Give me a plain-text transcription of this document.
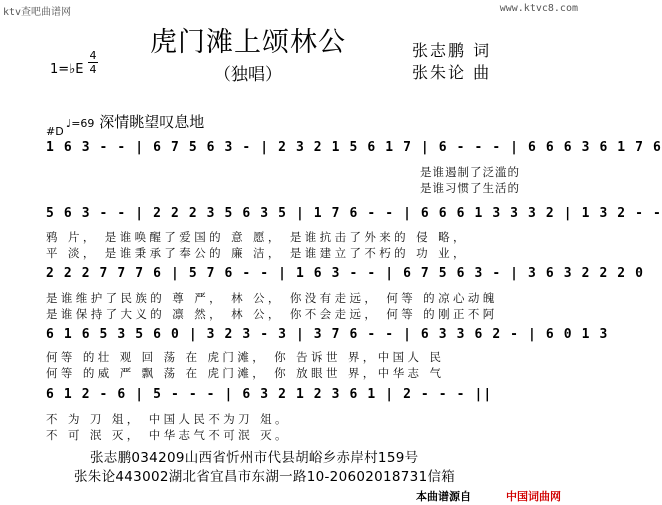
ktv查吧曲谱网	www.ktvc8.com
虎门滩上颂林公
（独唱）
张志鹏 词
张朱论 曲
1=♭E
4
4
♩=69 深情眺望叹息地
#D
1 6 3 - - | 6 7 5 6 3 - | 2 3 2 1 5 6 1 7 | 6 - - - | 6 6 6 3 6 1 7 6
是谁遏制了泛滥的
是谁习惯了生活的
5 6 3 - - | 2 2 2 3 5 6 3 5 | 1 7 6 - - | 6 6 6 1 3 3 3 2 | 1 3 2 - -
鸦 片， 是谁唤醒了爱国的 意 愿， 是谁抗击了外来的 侵 略，
平 淡， 是谁秉承了奉公的 廉 洁， 是谁建立了不朽的 功 业，
2 2 2 7 7 7 6 | 5 7 6 - - | 1 6 3 - - | 6 7 5 6 3 - | 3 6 3 2 2 2 0
是谁维护了民族的 尊 严， 林 公， 你没有走远， 何等 的凉心动魄
是谁保持了大义的 凛 然， 林 公， 你不会走远， 何等 的刚正不阿
6 1 6 5 3 5 6 0 | 3 2 3 - 3 | 3 7 6 - - | 6 3 3 6 2 - | 6 0 1 3
何等 的壮 观 回 荡 在 虎门滩， 你 告诉世 界，中国人 民
何等 的威 严 飘 荡 在 虎门滩， 你 放眼世 界，中华志 气
6 1 2 - 6 | 5 - - - | 6 3 2 1 2 3 6 1 | 2 - - - ||
不 为 刀 俎， 中国人民不为刀 俎。
不 可 泯 灭， 中华志气不可泯 灭。
张志鹏034209山西省忻州市代县胡峪乡赤岸村159号
张朱论443002湖北省宜昌市东湖一路10-20602018731信箱
本曲谱源自	中国词曲网
